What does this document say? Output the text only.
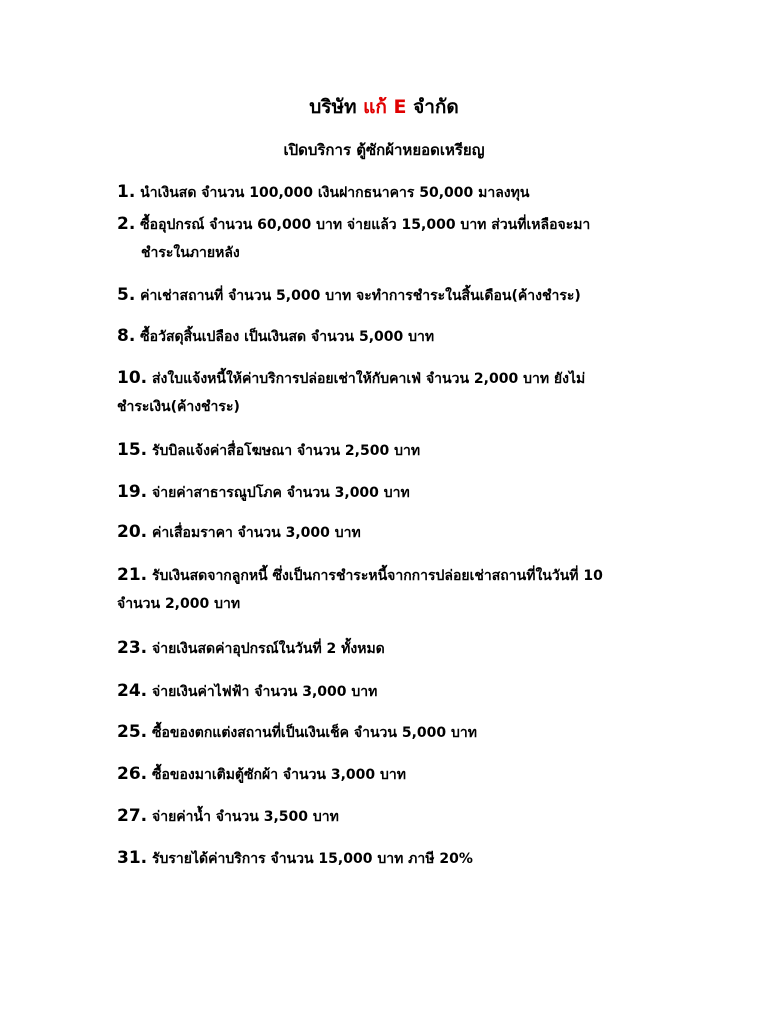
บริษัท แก้ E จำกัด
เปิดบริการ ตู้ซักผ้าหยอดเหรียญ
1. นำเงินสด จำนวน 100,000 เงินฝากธนาคาร 50,000 มาลงทุน
2. ซื้ออุปกรณ์ จำนวน 60,000 บาท จ่ายแล้ว 15,000 บาท ส่วนที่เหลือจะมา
ชำระในภายหลัง
5. ค่าเช่าสถานที่ จำนวน 5,000 บาท จะทำการชำระในสิ้นเดือน(ค้างชำระ)
8. ซื้อวัสดุสิ้นเปลือง เป็นเงินสด จำนวน 5,000 บาท
10. ส่งใบแจ้งหนี้ให้ค่าบริการปล่อยเช่าให้กับคาเฟ่ จำนวน 2,000 บาท ยังไม่
ชำระเงิน(ค้างชำระ)
15. รับบิลแจ้งค่าสื่อโฆษณา จำนวน 2,500 บาท
19. จ่ายค่าสาธารณูปโภค จำนวน 3,000 บาท
20. ค่าเสื่อมราคา จำนวน 3,000 บาท
21. รับเงินสดจากลูกหนี้ ซึ่งเป็นการชำระหนี้จากการปล่อยเช่าสถานที่ในวันที่ 10
จำนวน 2,000 บาท
23. จ่ายเงินสดค่าอุปกรณ์ในวันที่ 2 ทั้งหมด
24. จ่ายเงินค่าไฟฟ้า จำนวน 3,000 บาท
25. ซื้อของตกแต่งสถานที่เป็นเงินเช็ค จำนวน 5,000 บาท
26. ซื้อของมาเติมตู้ซักผ้า จำนวน 3,000 บาท
27. จ่ายค่าน้ำ จำนวน 3,500 บาท
31. รับรายได้ค่าบริการ จำนวน 15,000 บาท ภาษี 20%
